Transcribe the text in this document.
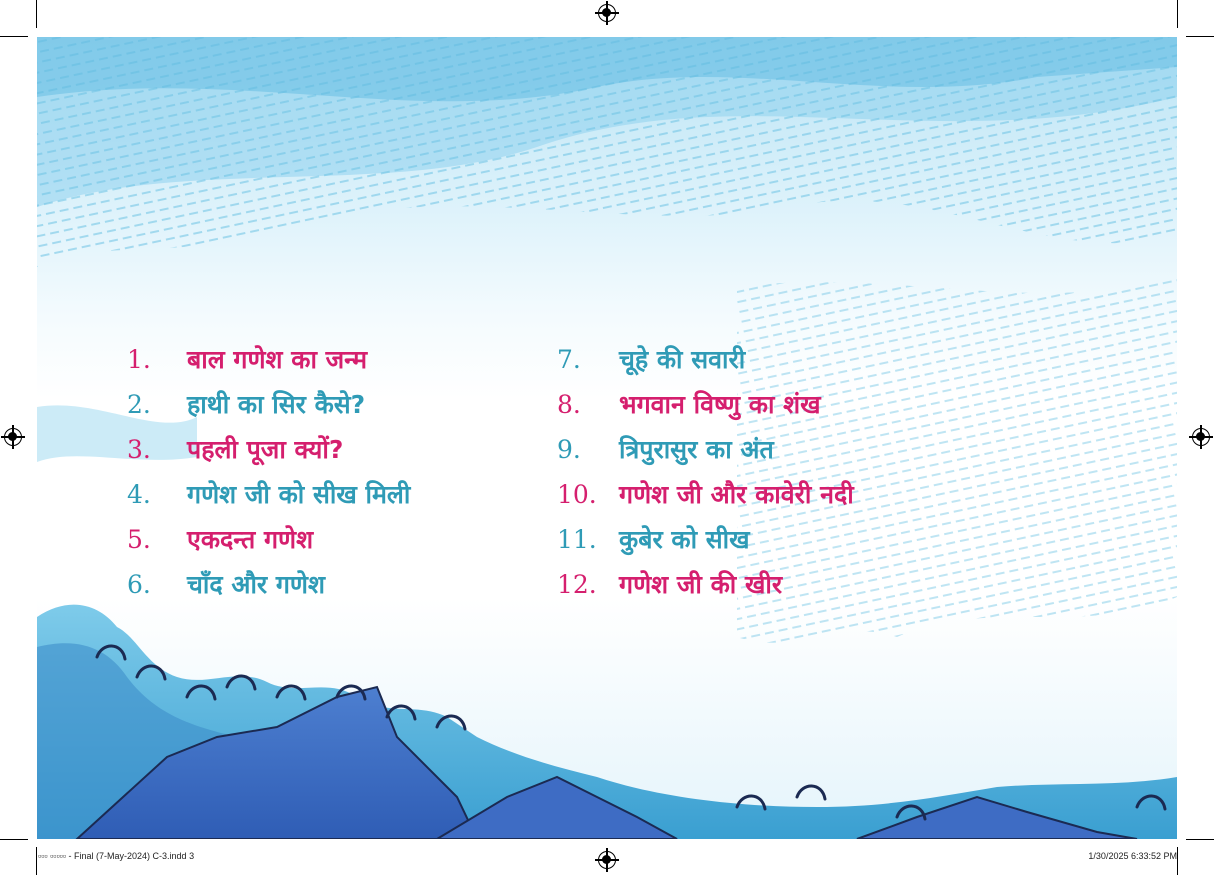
1.	बाल गणेश का जन्म
2.	हाथी का सिर कैसे?
3.	पहली पूजा क्यों?
4.	गणेश जी को सीख मिली
5.	एकदन्त गणेश
6.	चाँद और गणेश
7.	चूहे की सवारी
8.	भगवान विष्णु का शंख
9.	त्रिपुरासुर का अंत
10. गणेश जी और कावेरी नदी
11. कुबेर को सीख
12. गणेश जी की खीर
▫▫▫ ▫▫▫▫▫ - Final (7-May-2024) C-3.indd 3	1/30/2025 6:33:52 PM
